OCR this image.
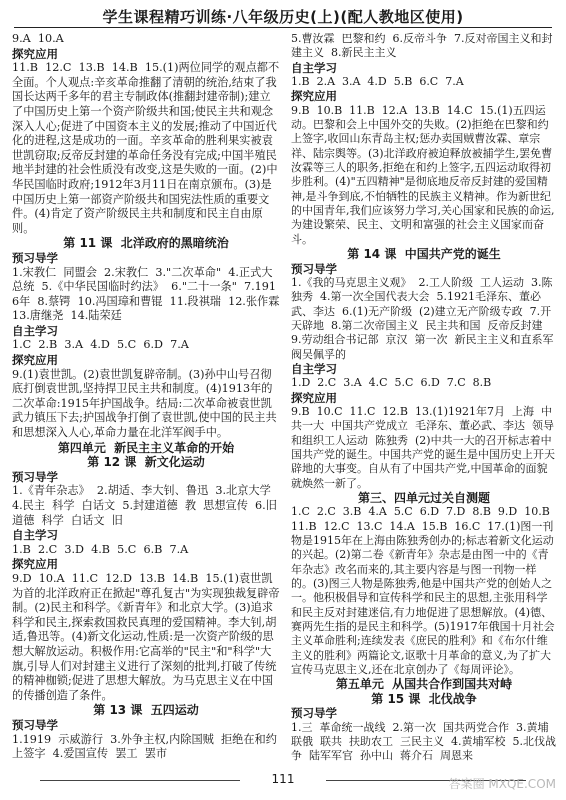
学生课程精巧训练·八年级历史(上)(配人教地区使用)

9.A  10.A

探究应用

11.B  12.C  13.B  14.B  15.(1)两位同学的观点都不全面。个人观点:辛亥革命推翻了清朝的统治,结束了我国长达两千多年的君主专制政体(推翻封建帝制);建立了中国历史上第一个资产阶级共和国;使民主共和观念深入人心;促进了中国资本主义的发展;推动了中国近代化的进程,这是成功的一面。辛亥革命的胜利果实被袁世凯窃取;反帝反封建的革命任务没有完成;中国半殖民地半封建的社会性质没有改变,这是失败的一面。(2)中华民国临时政府;1912年3月11日在南京颁布。(3)是中国历史上第一部资产阶级共和国宪法性质的重要文件。(4)肯定了资产阶级民主共和制度和民主自由原则。

第 11 课  北洋政府的黑暗统治

预习导学

1.宋教仁  同盟会  2.宋教仁  3."二次革命"  4.正式大总统  5.《中华民国临时约法》  6."二十一条"  7.1916年  8.蔡锷  10.冯国璋和曹锟  11.段祺瑞  12.张作霖  13.唐继尧  14.陆荣廷

自主学习

1.C  2.B  3.A  4.D  5.C  6.D  7.A

探究应用

9.(1)袁世凯。(2)袁世凯复辟帝制。(3)孙中山号召彻底打倒袁世凯,坚持捍卫民主共和制度。(4)1913年的二次革命:1915年护国战争。结局:二次革命被袁世凯武力镇压下去;护国战争打倒了袁世凯,使中国的民主共和思想深入人心,革命力量在北洋军阀手中。

第四单元  新民主主义革命的开始

第 12 课  新文化运动

预习导学

1.《青年杂志》  2.胡适、李大钊、鲁迅  3.北京大学  4.民主  科学  白话文  5.封建道德  教  思想宣传  6.旧道德  科学  白话文  旧

自主学习

1.B  2.C  3.D  4.B  5.C  6.B  7.A

探究应用

9.D  10.A  11.C  12.D  13.B  14.B  15.(1)袁世凯为首的北洋政府正在掀起"尊孔复古"为实现独裁复辟帝制。(2)民主和科学。《新青年》和北京大学。(3)追求科学和民主,探索救国救民真理的爱国精神。李大钊,胡适,鲁迅等。(4)新文化运动,性质:是一次资产阶级的思想大解放运动。积极作用:它高举的"民主"和"科学"大旗,引导人们对封建主义进行了深刻的批判,打破了传统的精神枷锁;促进了思想大解放。为马克思主义在中国的传播创造了条件。

第 13 课  五四运动

预习导学

1.1919  示威游行  3.外争主权,内除国贼  拒绝在和约上签字  4.爱国宣传  罢工  罢市

5.曹汝霖  巴黎和约  6.反帝斗争  7.反对帝国主义和封建主义  8.新民主主义

自主学习

1.B  2.A  3.A  4.D  5.B  6.C  7.A

探究应用

9.B  10.B  11.B  12.A  13.B  14.C  15.(1)五四运动。巴黎和会上中国外交的失败。(2)拒绝在巴黎和约上签字,收回山东青岛主权;惩办卖国贼曹汝霖、章宗祥、陆宗舆等。(3)北洋政府被迫释放被捕学生,罢免曹汝霖等三人的职务,拒绝在和约上签字,五四运动取得初步胜利。(4)"五四精神"是彻底地反帝反封建的爱国精神,是斗争到底,不怕牺牲的民族主义精神。作为新世纪的中国青年,我们应该努力学习,关心国家和民族的命运,为建设繁荣、民主、文明和富强的社会主义国家而奋斗。

第 14 课  中国共产党的诞生

预习导学

1.《我的马克思主义观》  2.工人阶级  工人运动  3.陈独秀  4.第一次全国代表大会  5.1921毛泽东、董必武、李达  6.(1)无产阶级  (2)建立无产阶级专政  7.开天辟地  8.第二次帝国主义  民主共和国  反帝反封建  9.劳动组合书记部  京汉  第一次  新民主主义和直系军阀吴佩孚的

自主学习

1.D  2.C  3.A  4.C  5.C  6.D  7.C  8.B

探究应用

9.B  10.C  11.C  12.B  13.(1)1921年7月  上海  中共一大  中国共产党成立  毛泽东、董必武、李达  领导和组织工人运动  陈独秀  (2)中共一大的召开标志着中国共产党的诞生。中国共产党的诞生是中国历史上开天辟地的大事变。自从有了中国共产党,中国革命的面貌就焕然一新了。

第三、四单元过关自测题

1.C  2.C  3.B  4.A  5.C  6.D  7.D  8.B  9.D  10.B  11.B  12.C  13.C  14.A  15.B  16.C  17.(1)图一刊物是1915年在上海由陈独秀创办的;标志着新文化运动的兴起。(2)第二卷《新青年》杂志是由图一中的《青年杂志》改名而来的,其主要内容是与图一刊物一样的。(3)图三人物是陈独秀,他是中国共产党的创始人之一。他积极倡导和宣传科学和民主的思想,主张用科学和民主反对封建迷信,有力地促进了思想解放。(4)德、赛两先生指的是民主和科学。(5)1917年俄国十月社会主义革命胜利;连续发表《庶民的胜利》和《布尔什维主义的胜利》两篇论文,讴歌十月革命的意义,为了扩大宣传马克思主义,还在北京创办了《每周评论》。

第五单元  从国共合作到国共对峙

第 15 课  北伐战争

预习导学

1.三  革命统一战线  2.第一次  国共两党合作  3.黄埔  联俄  联共  扶助农工  三民主义  4.黄埔军校  5.北伐战争  陆军军官  孙中山  蒋介石  周恩来

111	答案圈 MXQE.COM
